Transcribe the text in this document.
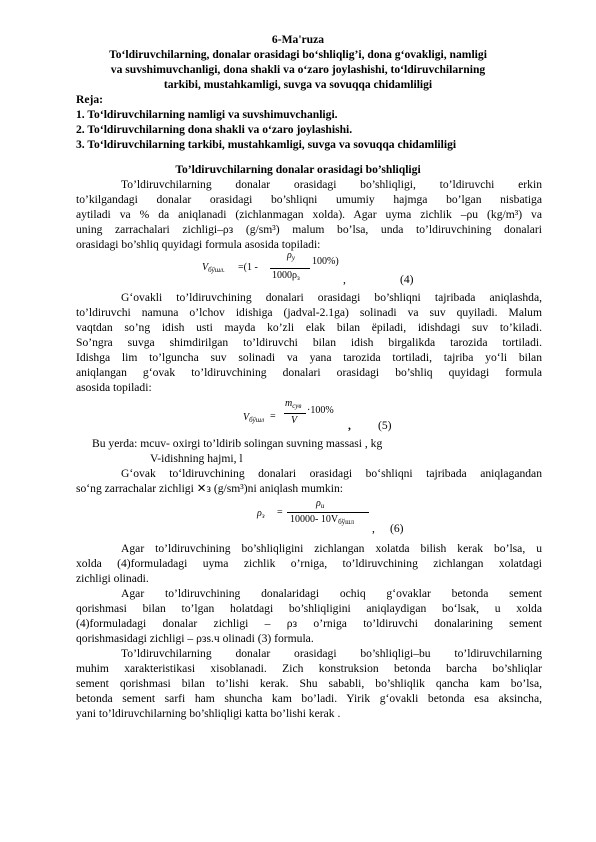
6-Ma'ruza
To‘ldiruvchilarning, donalar orasidagi bo‘shliqlig’i, dona g‘ovakligi, namligi
va suvshimuvchanligi, dona shakli va o‘zaro joylashishi, to‘ldiruvchilarning
tarkibi, mustahkamligi, suvga va sovuqqa chidamliligi
Reja:
1. To‘ldiruvchilarning namligi va suvshimuvchanligi.
2. To‘ldiruvchilarning dona shakli va o‘zaro joylashishi.
3. To‘ldiruvchilarning tarkibi, mustahkamligi, suvga va sovuqqa chidamliligi
To’ldiruvchilarning donalar orasidagi bo’shliqligi
To’ldiruvchilarning donalar orasidagi bo’shliqligi, to’ldiruvchi erkin
to’kilgandagi donalar orasidagi bo’shliqni umumiy hajmga bo’lgan nisbatiga
aytiladi va % da aniqlanadi (zichlanmagan xolda). Agar uyma zichlik –ρu (kg/m³) va
uning zarrachalari zichligi–ρз (g/sm³) malum bo’lsa, unda to’ldiruvchining donalari
orasidagi bo’shliq quyidagi formula asosida topiladi:
$V_{бўшл.} =(1$ -
$\rho_у$ 100%)
$1000\rho_з$	,	(4)
G‘ovakli to’ldiruvchining donalari orasidagi bo’shliqni tajribada aniqlashda,
to’ldiruvchi namuna o’lchov idishiga (jadval-2.1ga) solinadi va suv quyiladi. Malum
vaqtdan so’ng idish usti mayda ko’zli elak bilan ёpiladi, idishdagi suv to’kiladi.
So’ngra suvga shimdirilgan to’ldiruvchi bilan idish birgalikda tarozida tortiladi.
Idishga lim to’lguncha suv solinadi va yana tarozida tortiladi, tajriba yo‘li bilan
aniqlangan g‘ovak to’ldiruvchining donalari orasidagi bo’shliq quyidagi formula
asosida topiladi:
$V_{бўшл}$ =
$m_{сув}$
V
·100%
, (5)
Bu yerda: mсuv- oxirgi to’ldirib solingan suvning massasi , kg
V-idishning hajmi, l
G‘ovak to‘ldiruvchining donalari orasidagi bo‘shliqni tajribada aniqlagandan
so‘ng zarrachalar zichligi ✕з (g/sm³)ni aniqlash mumkin:
$\rho_з$ =
$\rho_и$
10000- $10V_{бўшл}$ , (6)
Agar to’ldiruvchining bo’shliqligini zichlangan xolatda bilish kerak bo’lsa, u
xolda (4)formuladagi uyma zichlik o’rniga, to’ldiruvchining zichlangan xolatdagi
zichligi olinadi.
Agar to’ldiruvchining donalaridagi ochiq g‘ovaklar betonda sement
qorishmasi bilan to’lgan holatdagi bo’shliqligini aniqlaydigan bo‘lsak, u xolda
(4)formuladagi donalar zichligi – ρз o’rniga to’ldiruvchi donalarining sement
qorishmasidagi zichligi – ρзs.ч olinadi (3) formula.
To’ldiruvchilarning donalar orasidagi bo’shliqligi–bu to’ldiruvchilarning
muhim xarakteristikasi xisoblanadi. Zich konstruksion betonda barcha bo’shliqlar
sement qorishmasi bilan to’lishi kerak. Shu sababli, bo’shliqlik qancha kam bo’lsa,
betonda sement sarfi ham shuncha kam bo’ladi. Yirik g‘ovakli betonda esa aksincha,
yani to’ldiruvchilarning bo’shliqligi katta bo’lishi kerak .
